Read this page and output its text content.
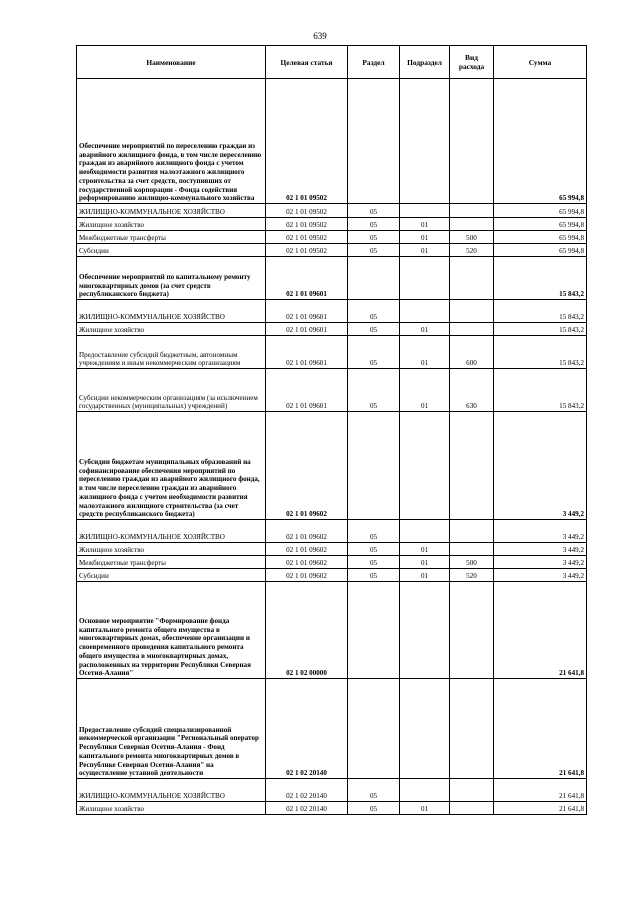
639
Наименование	Целевая статья	Раздел	Подраздел	Вид расхода	Сумма
Обеспечение мероприятий по переселению граждан из аварийного жилищного фонда, в том числе переселению граждан из аварийного жилищного фонда с учетом необходимости развития малоэтажного жилищного строительства за счет средств, поступивших от государственной корпорации - Фонда содействия реформированию жилищно-коммунального хозяйства	02 1 01 09502				65 994,8
ЖИЛИЩНО-КОММУНАЛЬНОЕ ХОЗЯЙСТВО	02 1 01 09502	05			65 994,8
Жилищное хозяйство	02 1 01 09502	05	01		65 994,8
Межбюджетные трансферты	02 1 01 09502	05	01	500	65 994,8
Субсидии	02 1 01 09502	05	01	520	65 994,8
Обеспечение мероприятий по капитальному ремонту многоквартирных домов (за счет средств республиканского бюджета)	02 1 01 09601				15 843,2
ЖИЛИЩНО-КОММУНАЛЬНОЕ ХОЗЯЙСТВО	02 1 01 09601	05			15 843,2
Жилищное хозяйство	02 1 01 09601	05	01		15 843,2
Предоставление субсидий бюджетным, автономным учреждениям и иным некоммерческим организациям	02 1 01 09601	05	01	600	15 843,2
Субсидии некоммерческим организациям (за исключением государственных (муниципальных) учреждений)	02 1 01 09601	05	01	630	15 843,2
Субсидии бюджетам муниципальных образований на софинансирование обеспечения мероприятий по переселению граждан из аварийного жилищного фонда, в том числе переселению граждан из аварийного жилищного фонда с учетом необходимости развития малоэтажного жилищного строительства (за счет средств республиканского бюджета)	02 1 01 09602				3 449,2
ЖИЛИЩНО-КОММУНАЛЬНОЕ ХОЗЯЙСТВО	02 1 01 09602	05			3 449,2
Жилищное хозяйство	02 1 01 09602	05	01		3 449,2
Межбюджетные трансферты	02 1 01 09602	05	01	500	3 449,2
Субсидии	02 1 01 09602	05	01	520	3 449,2
Основное мероприятие "Формирование фонда капитального ремонта общего имущества в многоквартирных домах, обеспечение организации и своевременного проведения капитального ремонта общего имущества в многоквартирных домах, расположенных на территории Республики Северная Осетия-Алания"	02 1 02 00000				21 641,8
Предоставление субсидий специализированной некоммерческой организации "Региональный оператор Республики Северная Осетия-Алания - Фонд капитального ремонта многоквартирных домов в Республике Северная Осетия-Алания" на осуществление уставной деятельности	02 1 02 20140				21 641,8
ЖИЛИЩНО-КОММУНАЛЬНОЕ ХОЗЯЙСТВО	02 1 02 20140	05			21 641,8
Жилищное хозяйство	02 1 02 20140	05	01		21 641,8
